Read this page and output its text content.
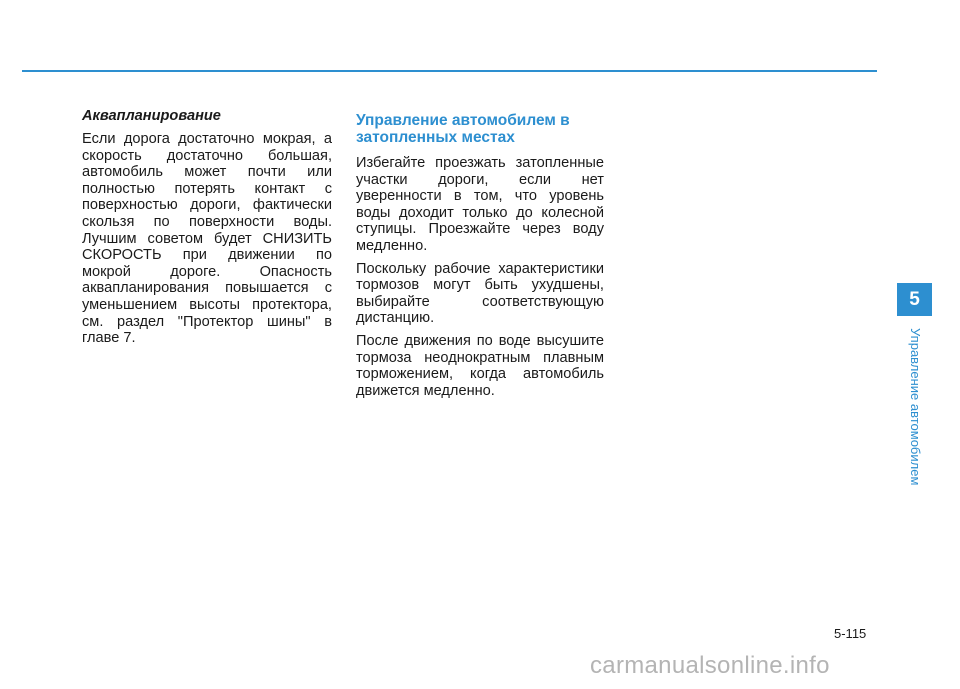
Аквапланирование

Если дорога достаточно мокрая, а скорость достаточно большая, автомобиль может почти или полностью потерять контакт с поверхностью дороги, фактически скользя по поверхности воды. Лучшим советом будет СНИЗИТЬ СКОРОСТЬ при движении по мокрой дороге. Опасность аквапланирования повышается с уменьшением высоты протектора, см. раздел "Протектор шины" в главе 7.

Управление автомобилем в затопленных местах

Избегайте проезжать затопленные участки дороги, если нет уверенности в том, что уровень воды доходит только до колесной ступицы. Проезжайте через воду медленно.

Поскольку рабочие характеристики тормозов могут быть ухудшены, выбирайте соответствующую дистанцию.

После движения по воде высушите тормоза неоднократным плавным торможением, когда автомобиль движется медленно.

5
Управление автомобилем
5-115
carmanualsonline.info
